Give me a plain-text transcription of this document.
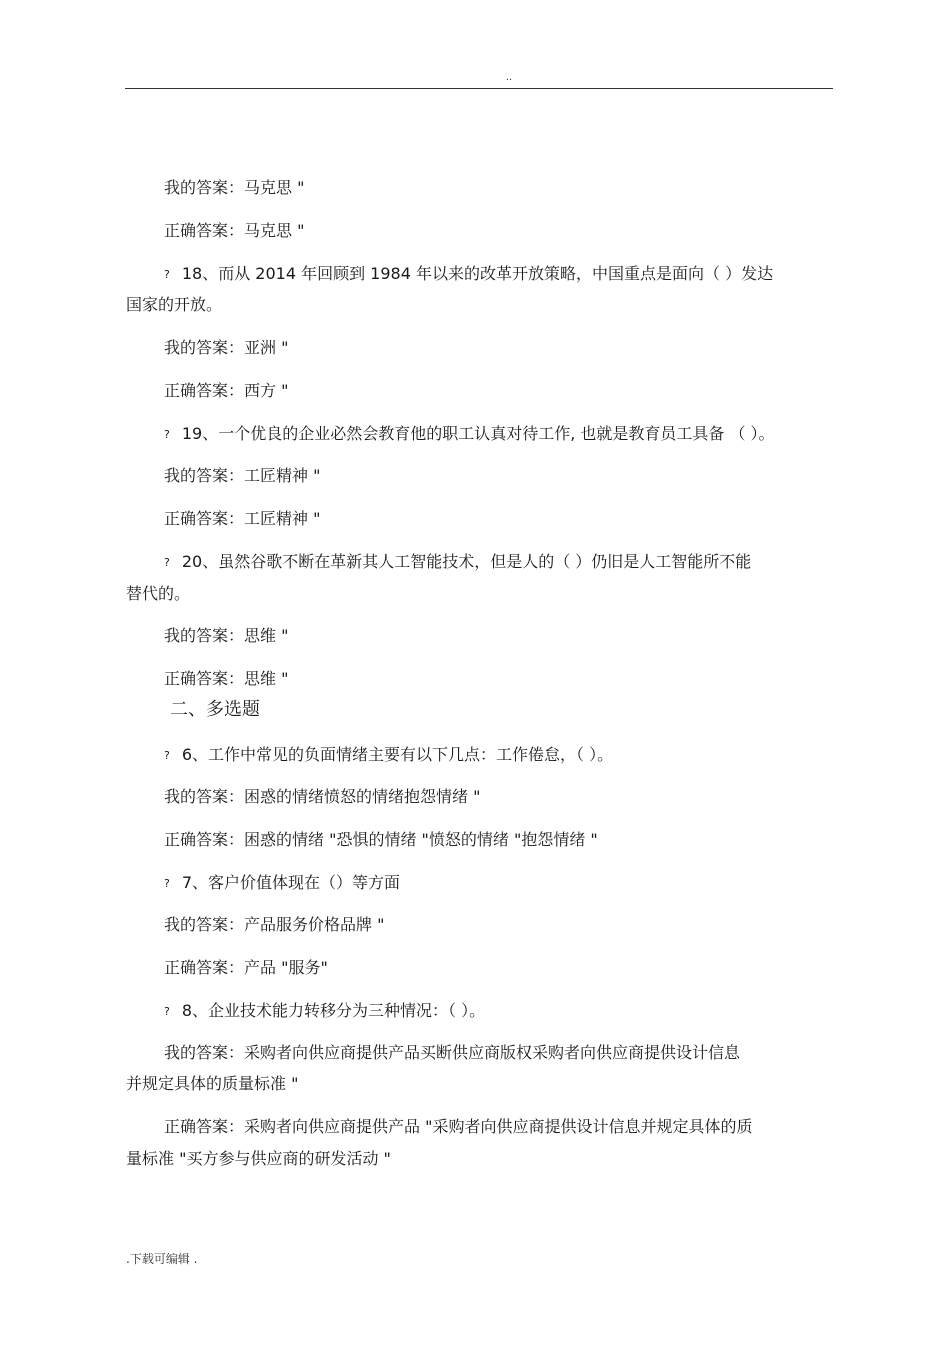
..
我的答案：马克思 "
正确答案：马克思 "
? 18、而从 2014 年回顾到 1984 年以来的改革开放策略，中国重点是面向（ ）发达
国家的开放。
我的答案：亚洲 "
正确答案：西方 "
? 19、一个优良的企业必然会教育他的职工认真对待工作, 也就是教育员工具备 （ ）。
我的答案：工匠精神 "
正确答案：工匠精神 "
? 20、虽然谷歌不断在革新其人工智能技术，但是人的（ ）仍旧是人工智能所不能
替代的。
我的答案：思维 "
正确答案：思维 "
二、多选题
? 6、工作中常见的负面情绪主要有以下几点：工作倦怠，（ ）。
我的答案：困惑的情绪愤怒的情绪抱怨情绪 "
正确答案：困惑的情绪 "恐惧的情绪 "愤怒的情绪 "抱怨情绪 "
? 7、客户价值体现在（）等方面
我的答案：产品服务价格品牌 "
正确答案：产品 "服务"
? 8、企业技术能力转移分为三种情况：（ ）。
我的答案：采购者向供应商提供产品买断供应商版权采购者向供应商提供设计信息
并规定具体的质量标准 "
正确答案：采购者向供应商提供产品 "采购者向供应商提供设计信息并规定具体的质
量标准 "买方参与供应商的研发活动 "
.下载可编辑 .
